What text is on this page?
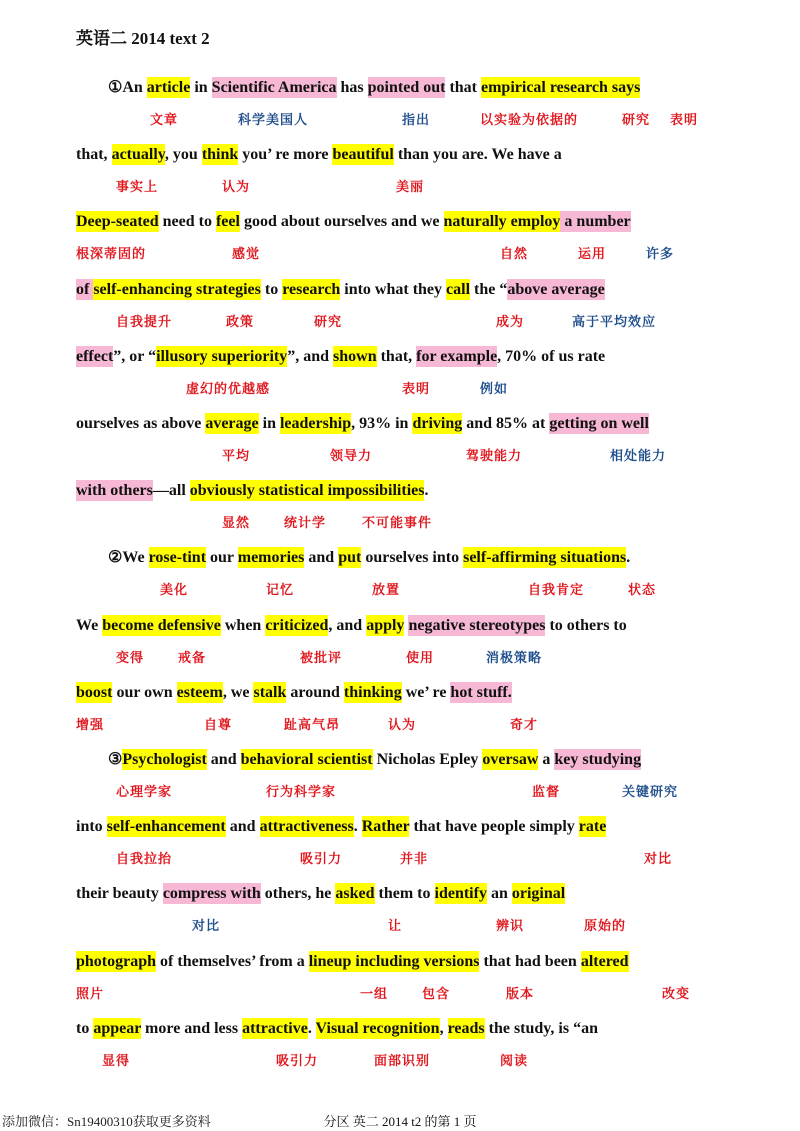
英语二 2014 text 2
①An article in Scientific America has pointed out that empirical research says
文章	科学美国人	指出	以实验为依据的	研究 表明
that, actually, you think you’ re more beautiful than you are. We have a
事实上	认为	美丽
Deep-seated need to feel good about ourselves and we naturally employ a number
根深蒂固的	感觉	自然	运用	许多
of self-enhancing strategies to research into what they call the “above average
自我提升	政策	研究	成为	高于平均效应
effect”, or “illusory superiority”, and shown that, for example, 70% of us rate
虚幻的优越感	表明	例如
ourselves as above average in leadership, 93% in driving and 85% at getting on well
平均	领导力	驾驶能力	相处能力
with others—all obviously statistical impossibilities.
显然	统计学	不可能事件
②We rose-tint our memories and put ourselves into self-affirming situations.
美化	记忆	放置	自我肯定	状态
We become defensive when criticized, and apply negative stereotypes to others to
变得	戒备	被批评	使用	消极策略
boost our own esteem, we stalk around thinking we’ re hot stuff.
增强	自尊	趾高气昂	认为	奇才
③Psychologist and behavioral scientist Nicholas Epley oversaw a key studying
心理学家	行为科学家	监督	关键研究
into self-enhancement and attractiveness. Rather that have people simply rate
自我拉抬	吸引力	并非	对比
their beauty compress with others, he asked them to identify an original
对比	让	辨识	原始的
photograph of themselves’ from a lineup including versions that had been altered
照片	一组	包含	版本	改变
to appear more and less attractive. Visual recognition, reads the study, is “an
显得	吸引力	面部识别	阅读
添加微信：Sn19400310获取更多资料	分区 英二 2014 t2 的第 1 页
